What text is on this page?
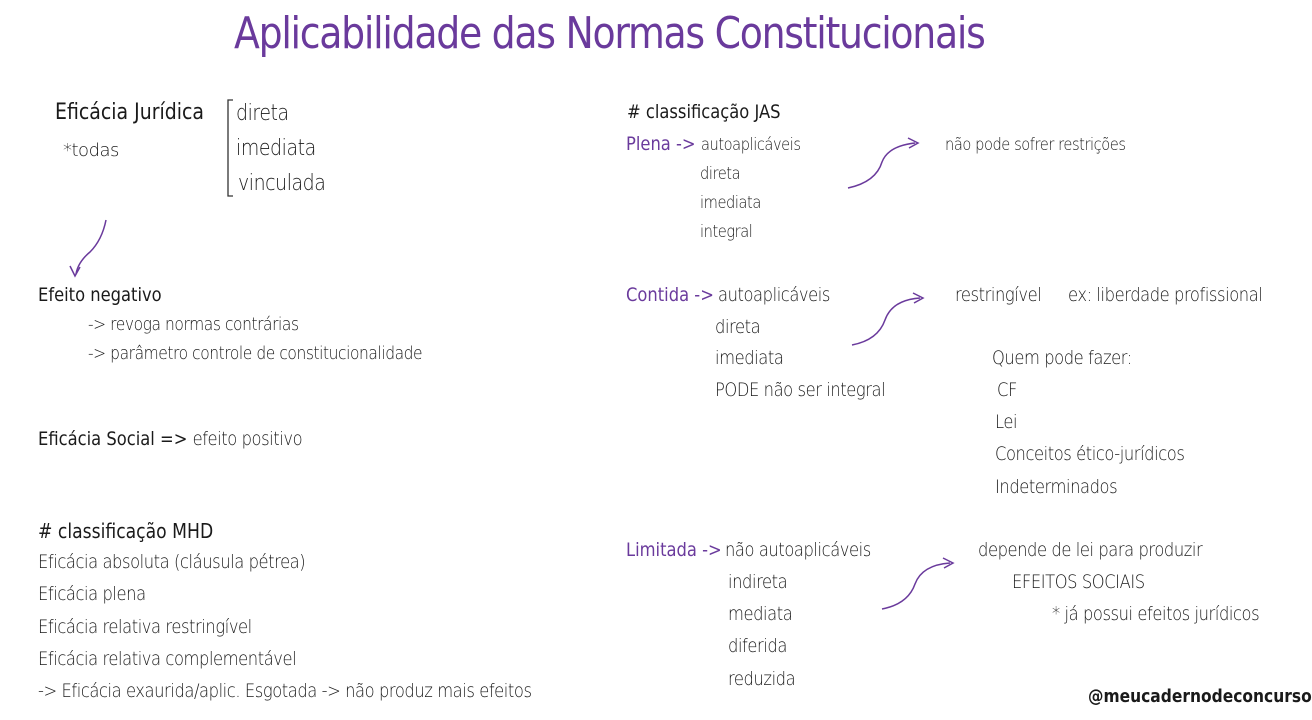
Aplicabilidade das Normas Constitucionais
Eficácia Jurídica
*todas
direta
imediata
vinculada
Efeito negativo
-> revoga normas contrárias
-> parâmetro controle de constitucionalidade
Eficácia Social => efeito positivo
# classificação MHD
Eficácia absoluta (cláusula pétrea)
Eficácia plena
Eficácia relativa restringível
Eficácia relativa complementável
-> Eficácia exaurida/aplic. Esgotada -> não produz mais efeitos
# classificação JAS
Plena -> autoaplicáveis
direta
imediata
integral
não pode sofrer restrições
Contida -> autoaplicáveis
direta
imediata
PODE não ser integral
restringível ex: liberdade profissional
Quem pode fazer:
CF
Lei
Conceitos ético-jurídicos
Indeterminados
Limitada -> não autoaplicáveis
indireta
mediata
diferida
reduzida
depende de lei para produzir
EFEITOS SOCIAIS
* já possui efeitos jurídicos
@meucadernodeconcurso
